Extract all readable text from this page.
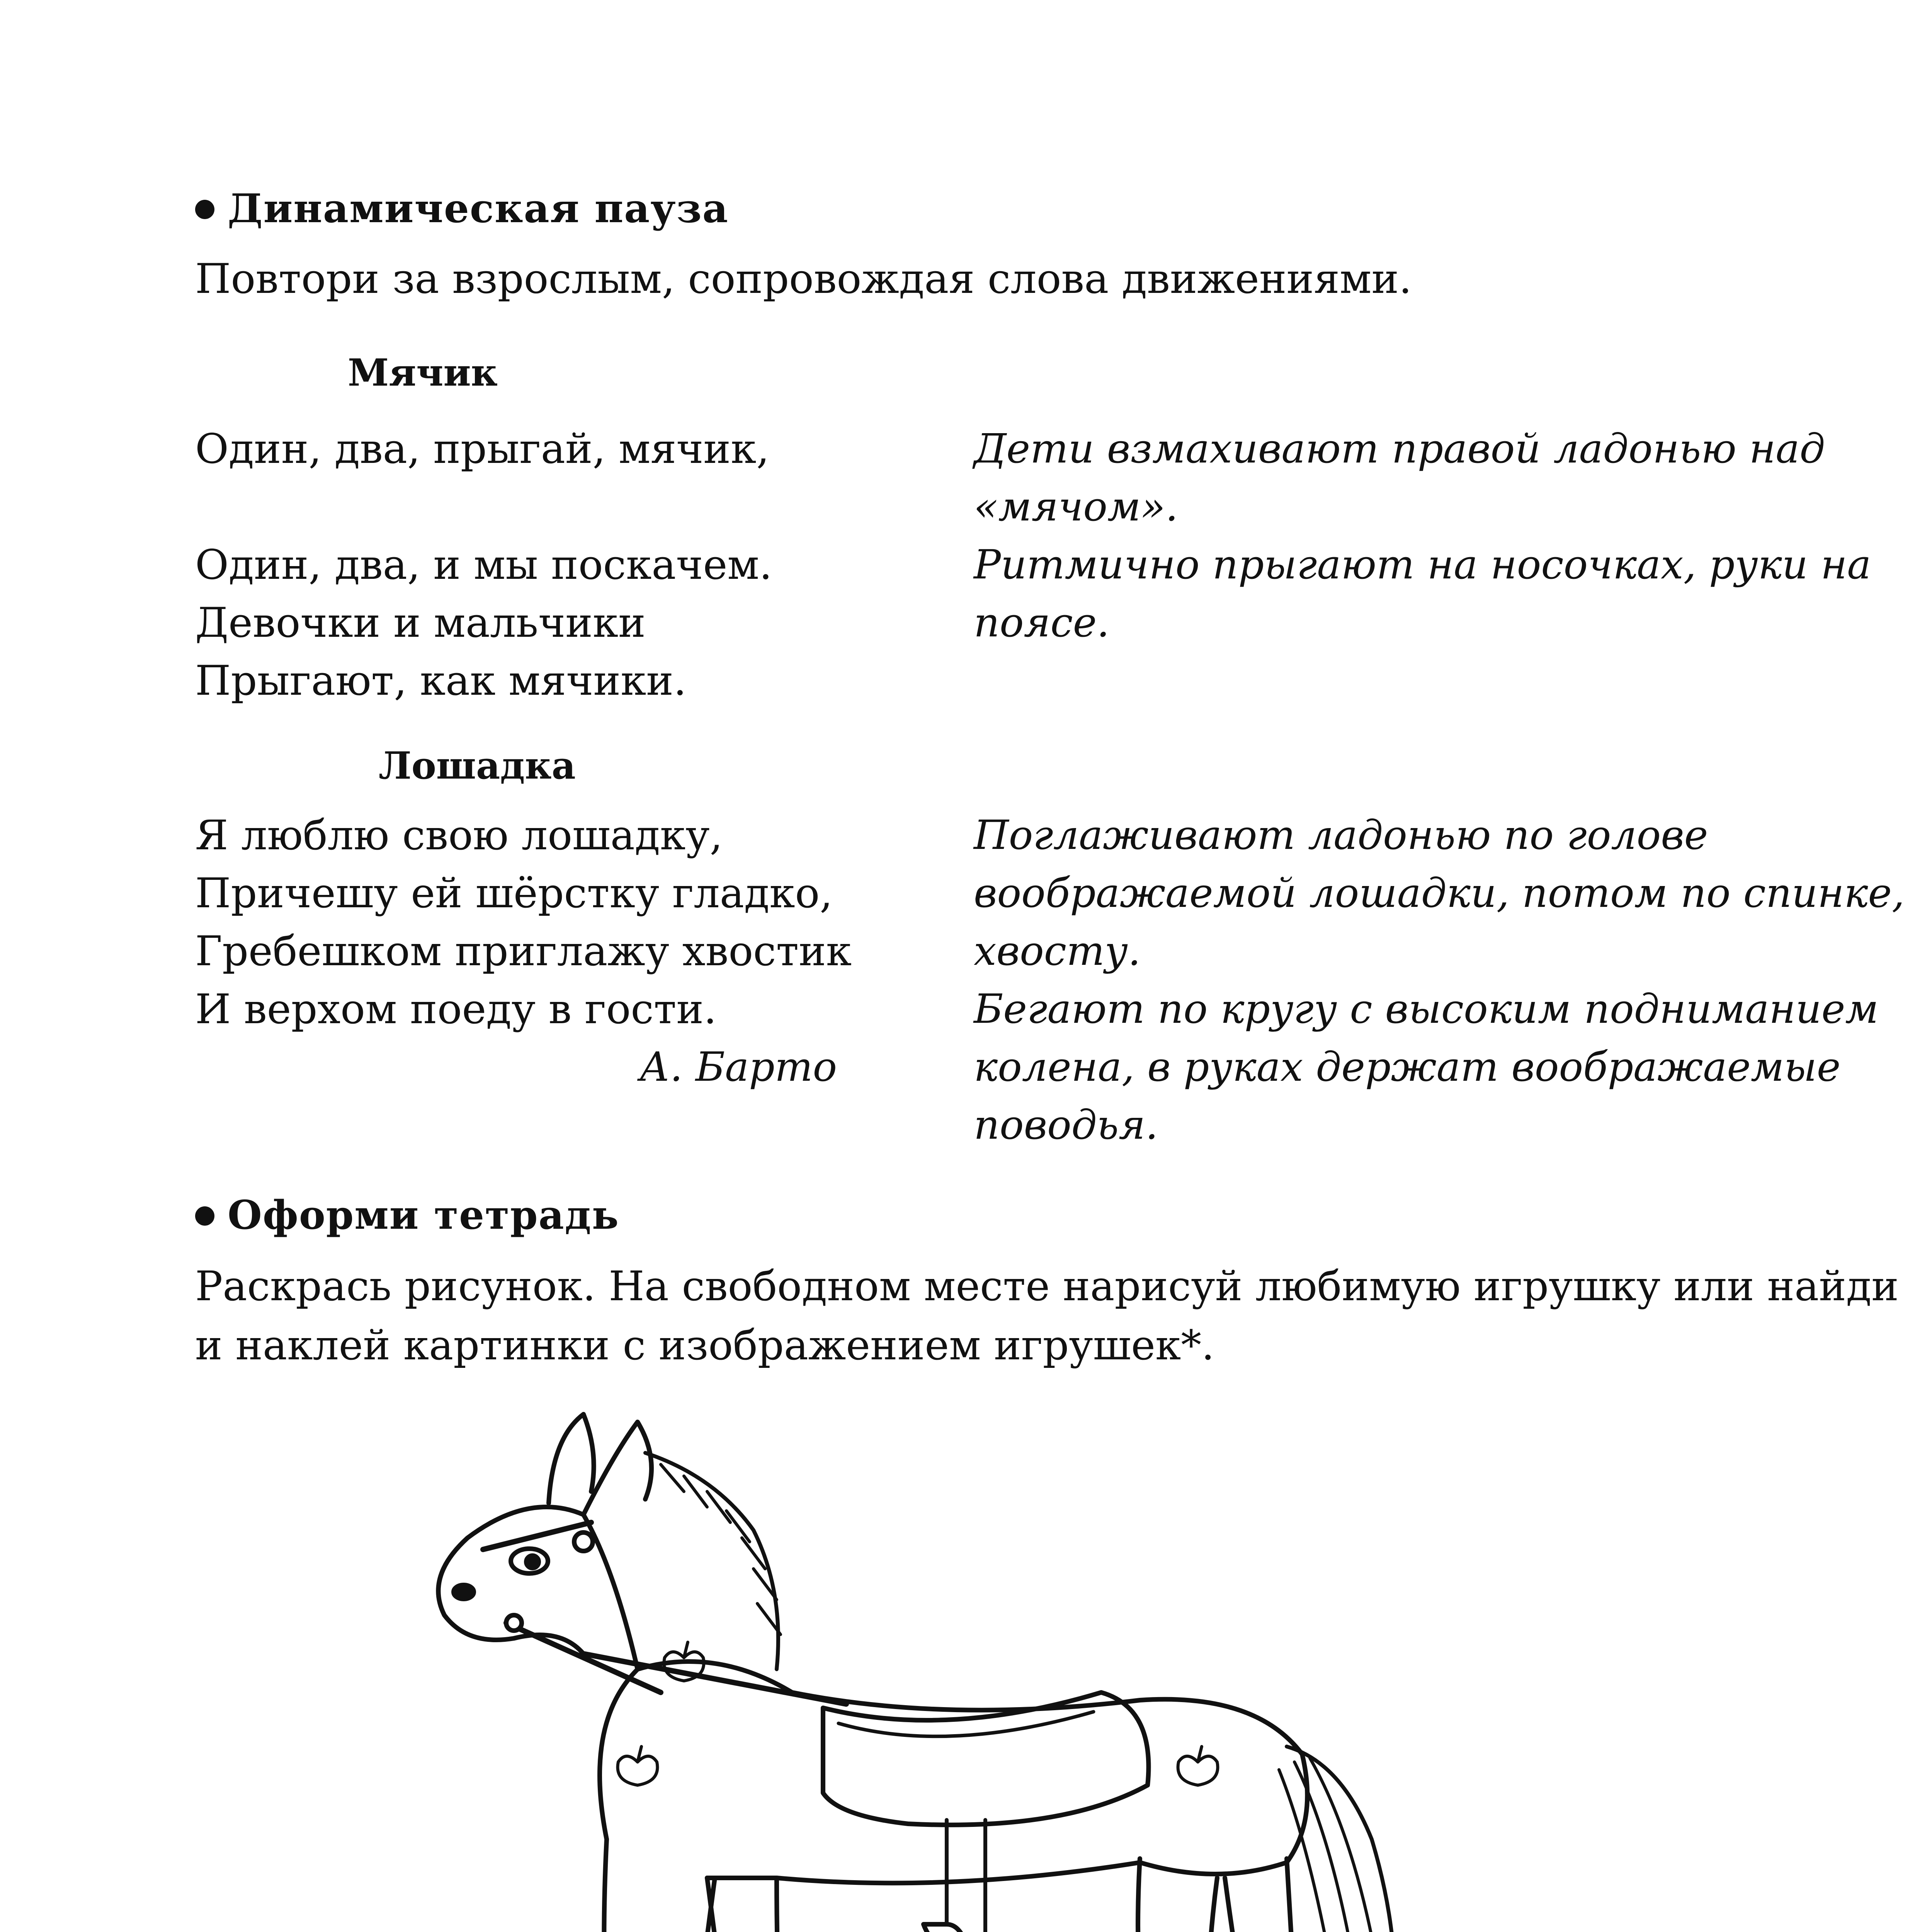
Динамическая пауза
Повтори за взрослым, сопровождая слова движениями.
Мячик
Один, два, прыгай, мячик,
Один, два, и мы поскачем.
Девочки и мальчики
Прыгают, как мячики.
Дети взмахивают правой ладонью над
«мячом».
Ритмично прыгают на носочках, руки на
поясе.
Лошадка
Я люблю свою лошадку,
Причешу ей шёрстку гладко,
Гребешком приглажу хвостик
И верхом поеду в гости.
А. Барто
Поглаживают ладонью по голове
воображаемой лошадки, потом по спинке,
хвосту.
Бегают по кругу с высоким подниманием
колена, в руках держат воображаемые
поводья.
Оформи тетрадь
Раскрась рисунок. На свободном месте нарисуй любимую игрушку или найди
и наклей картинки с изображением игрушек*.
